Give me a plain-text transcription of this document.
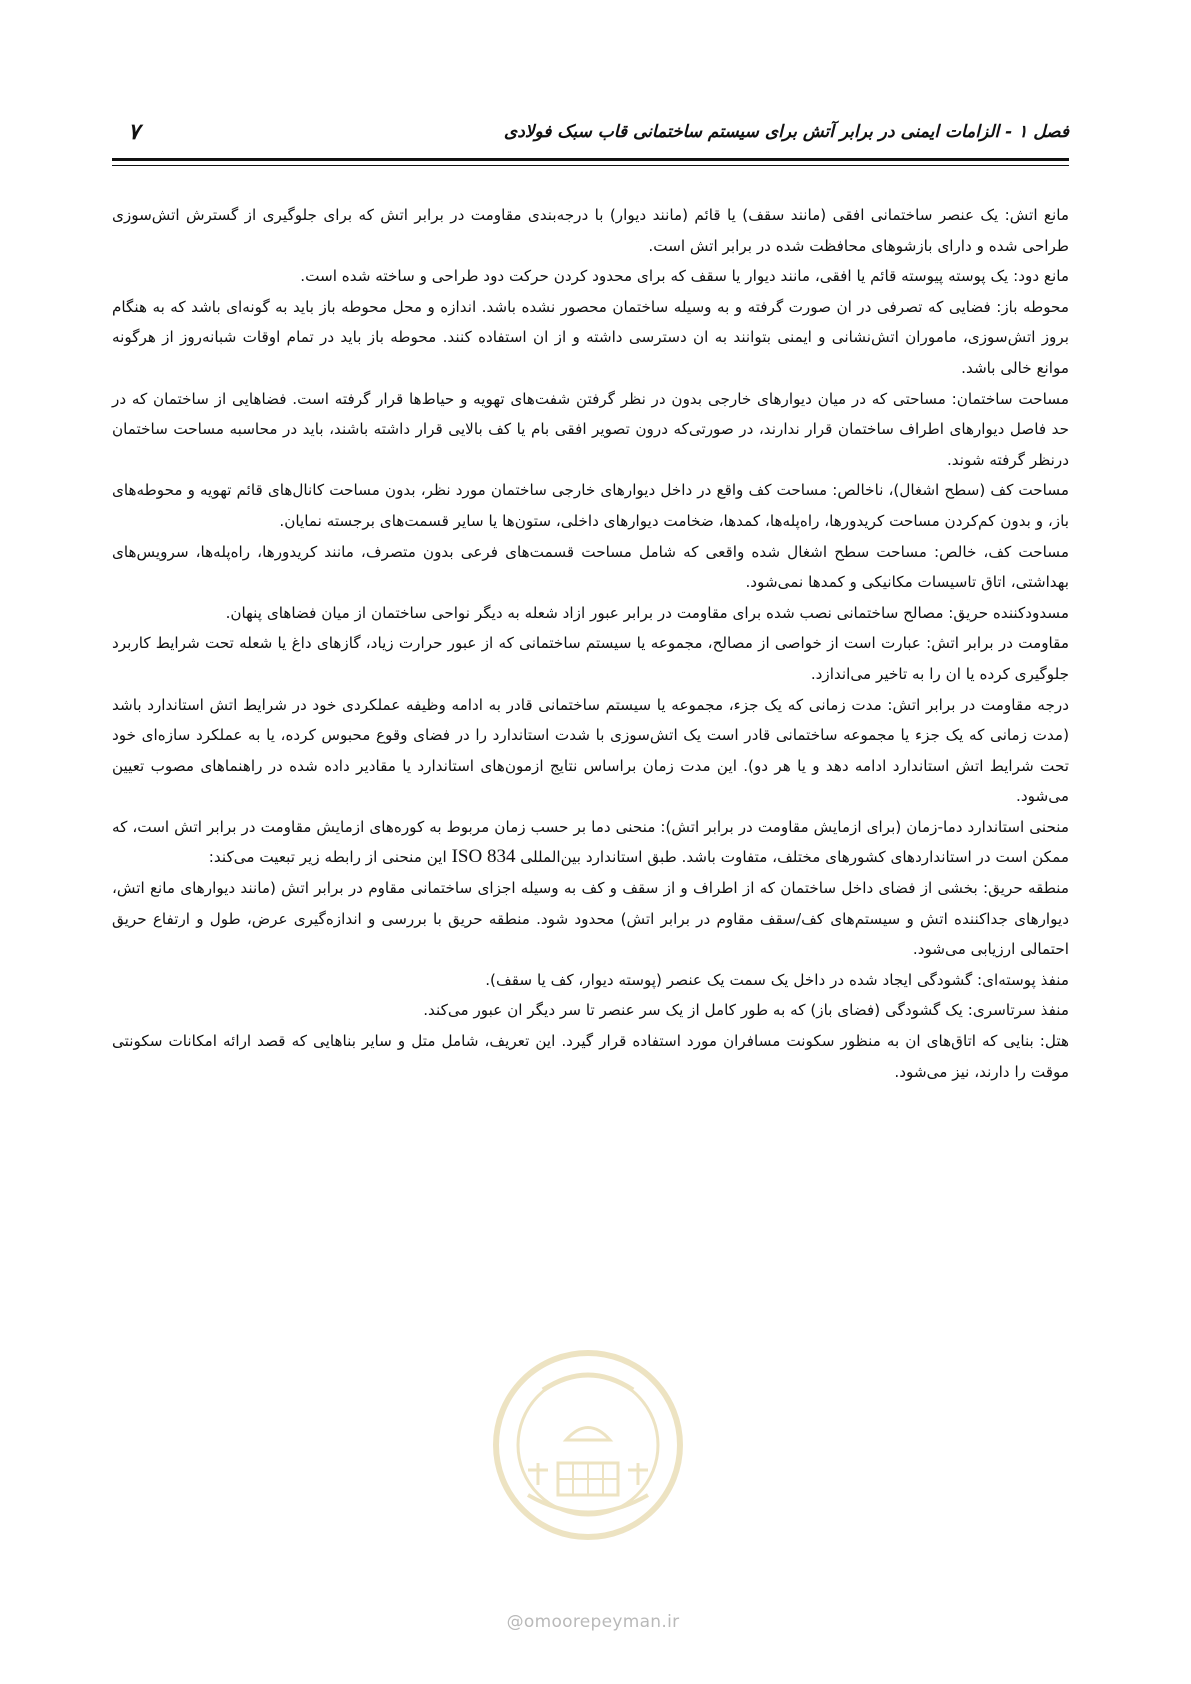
فصل ۱ - الزامات ایمنی در برابر آتش برای سیستم ساختمانی قاب سبک فولادی
۷

مانع اتش: یک عنصر ساختمانی افقی (مانند سقف) یا قائم (مانند دیوار) با درجه‌بندی مقاومت در برابر اتش که برای جلوگیری از گسترش اتش‌سوزی طراحی شده و دارای بازشوهای محافظت شده در برابر اتش است.

مانع دود: یک پوسته پیوسته قائم یا افقی، مانند دیوار یا سقف که برای محدود کردن حرکت دود طراحی و ساخته شده است.

محوطه باز: فضایی که تصرفی در ان صورت گرفته و به وسیله ساختمان محصور نشده باشد. اندازه و محل محوطه باز باید به گونه‌ای باشد که به هنگام بروز اتش‌سوزی، ماموران اتش‌نشانی و ایمنی بتوانند به ان دسترسی داشته و از ان استفاده کنند. محوطه باز باید در تمام اوقات شبانه‌روز از هرگونه موانع خالی باشد.

مساحت ساختمان: مساحتی که در میان دیوارهای خارجی بدون در نظر گرفتن شفت‌های تهویه و حیاط‌ها قرار گرفته است. فضاهایی از ساختمان که در حد فاصل دیوارهای اطراف ساختمان قرار ندارند، در صورتی‌که درون تصویر افقی بام یا کف بالایی قرار داشته باشند، باید در محاسبه مساحت ساختمان درنظر گرفته شوند.

مساحت کف (سطح اشغال)، ناخالص: مساحت کف واقع در داخل دیوارهای خارجی ساختمان مورد نظر، بدون مساحت کانال‌های قائم تهویه و محوطه‌های باز، و بدون کم‌کردن مساحت کریدورها، راه‌پله‌ها، کمدها، ضخامت دیوارهای داخلی، ستون‌ها یا سایر قسمت‌های برجسته نمایان.

مساحت کف، خالص: مساحت سطح اشغال شده واقعی که شامل مساحت قسمت‌های فرعی بدون متصرف، مانند کریدورها، راه‌پله‌ها، سرویس‌های بهداشتی، اتاق تاسیسات مکانیکی و کمدها نمی‌شود.

مسدودکننده حریق: مصالح ساختمانی نصب شده برای مقاومت در برابر عبور ازاد شعله به دیگر نواحی ساختمان از میان فضاهای پنهان.

مقاومت در برابر اتش: عبارت است از خواصی از مصالح، مجموعه یا سیستم ساختمانی که از عبور حرارت زیاد، گازهای داغ یا شعله تحت شرایط کاربرد جلوگیری کرده یا ان را به تاخیر می‌اندازد.

درجه مقاومت در برابر اتش: مدت زمانی که یک جزء، مجموعه یا سیستم ساختمانی قادر به ادامه وظیفه عملکردی خود در شرایط اتش استاندارد باشد (مدت زمانی که یک جزء یا مجموعه ساختمانی قادر است یک اتش‌سوزی با شدت استاندارد را در فضای وقوع محبوس کرده، یا به عملکرد سازه‌ای خود تحت شرایط اتش استاندارد ادامه دهد و یا هر دو). این مدت زمان براساس نتایج ازمون‌های استاندارد یا مقادیر داده شده در راهنماهای مصوب تعیین می‌شود.

منحنی استاندارد دما-زمان (برای ازمایش مقاومت در برابر اتش): منحنی دما بر حسب زمان مربوط به کوره‌های ازمایش مقاومت در برابر اتش است، که ممکن است در استانداردهای کشورهای مختلف، متفاوت باشد. طبق استاندارد بین‌المللی ISO 834 این منحنی از رابطه زیر تبعیت می‌کند:

منطقه حریق: بخشی از فضای داخل ساختمان که از اطراف و از سقف و کف به وسیله اجزای ساختمانی مقاوم در برابر اتش (مانند دیوارهای مانع اتش، دیوارهای جداکننده اتش و سیستم‌های کف/سقف مقاوم در برابر اتش) محدود شود. منطقه حریق با بررسی و اندازه‌گیری عرض، طول و ارتفاع حریق احتمالی ارزیابی می‌شود.

منفذ پوسته‌ای: گشودگی ایجاد شده در داخل یک سمت یک عنصر (پوسته دیوار، کف یا سقف).

منفذ سرتاسری: یک گشودگی (فضای باز) که به طور کامل از یک سر عنصر تا سر دیگر ان عبور می‌کند.

هتل: بنایی که اتاق‌های ان به منظور سکونت مسافران مورد استفاده قرار گیرد. این تعریف، شامل متل و سایر بناهایی که قصد ارائه امکانات سکونتی موقت را دارند، نیز می‌شود.

@omoorepeyman.ir
